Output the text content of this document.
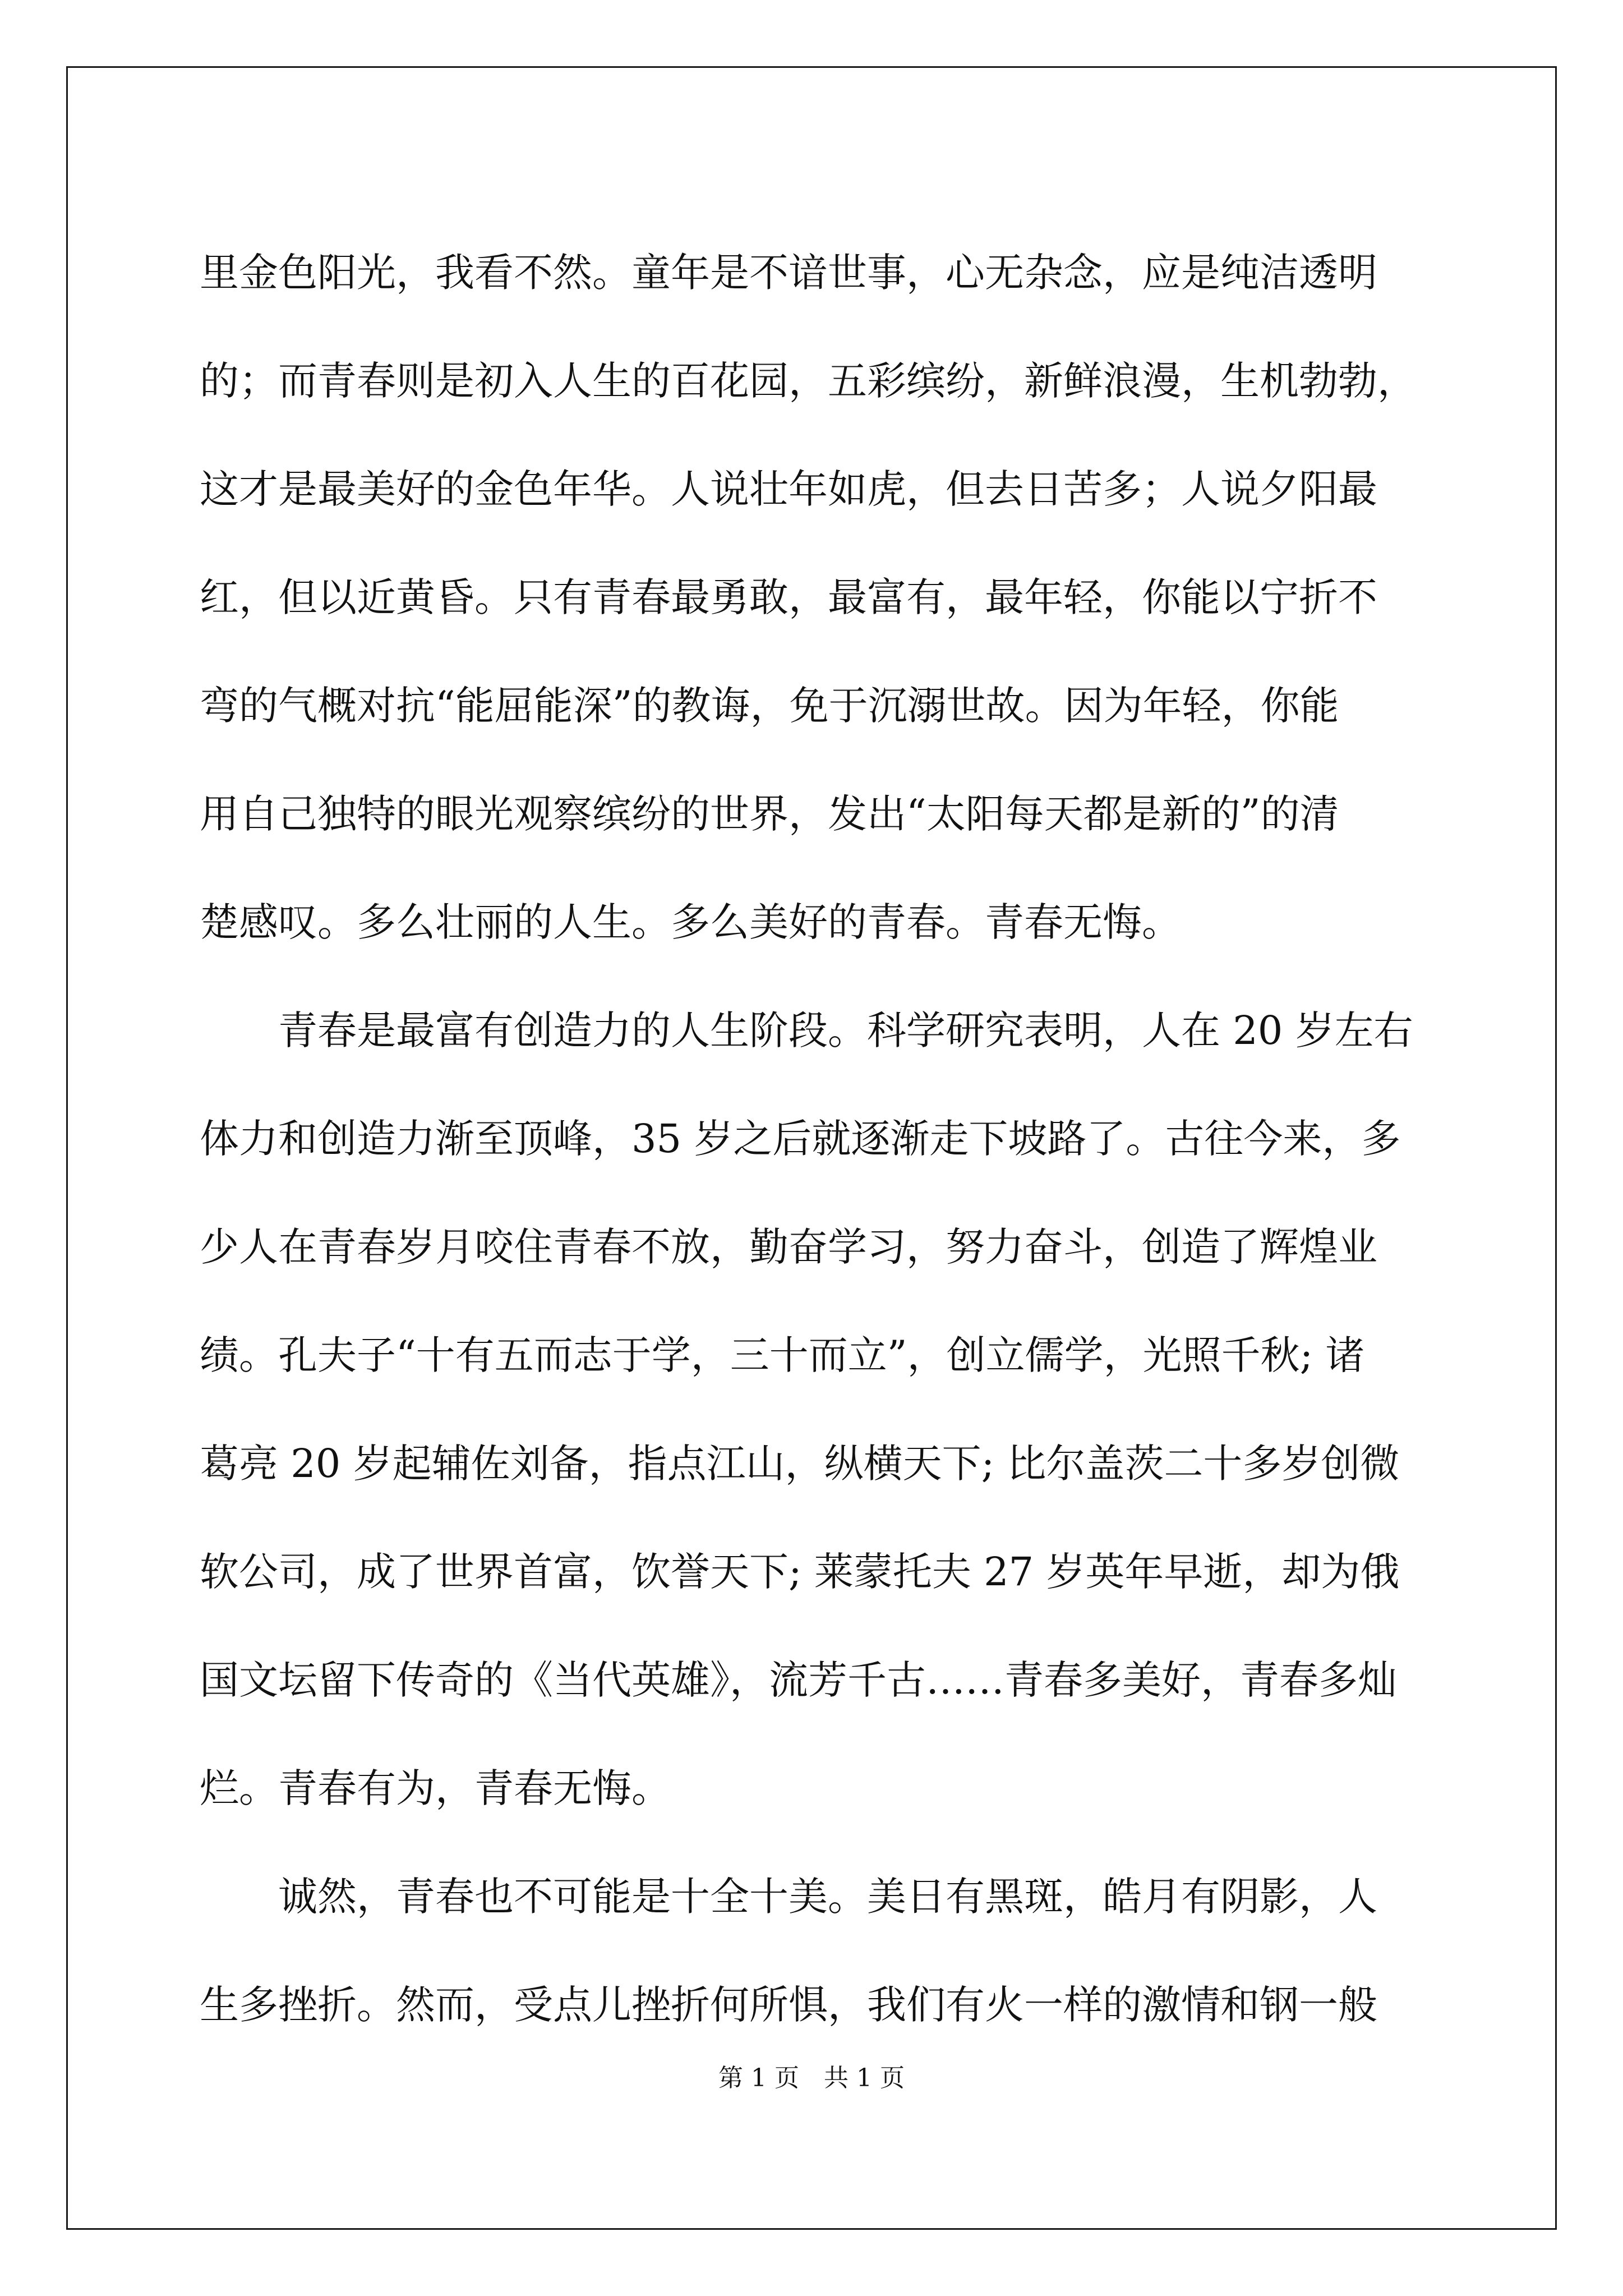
里金色阳光，我看不然。童年是不谙世事，心无杂念，应是纯洁透明
的；而青春则是初入人生的百花园，五彩缤纷，新鲜浪漫，生机勃勃，
这才是最美好的金色年华。人说壮年如虎，但去日苦多；人说夕阳最
红，但以近黄昏。只有青春最勇敢，最富有，最年轻，你能以宁折不
弯的气概对抗“能屈能深”的教诲，免于沉溺世故。因为年轻，你能
用自己独特的眼光观察缤纷的世界，发出“太阳每天都是新的”的清
楚感叹。多么壮丽的人生。多么美好的青春。青春无悔。
　　青春是最富有创造力的人生阶段。科学研究表明，人在 20 岁左右
体力和创造力渐至顶峰，35 岁之后就逐渐走下坡路了。古往今来，多
少人在青春岁月咬住青春不放，勤奋学习，努力奋斗，创造了辉煌业
绩。孔夫子“十有五而志于学，三十而立”，创立儒学，光照千秋; 诸
葛亮 20 岁起辅佐刘备，指点江山，纵横天下; 比尔盖茨二十多岁创微
软公司，成了世界首富，饮誉天下; 莱蒙托夫 27 岁英年早逝，却为俄
国文坛留下传奇的《当代英雄》，流芳千古……青春多美好，青春多灿
烂。青春有为，青春无悔。
　　诚然，青春也不可能是十全十美。美日有黑斑，皓月有阴影，人
生多挫折。然而，受点儿挫折何所惧，我们有火一样的激情和钢一般
第 1 页　共 1 页
